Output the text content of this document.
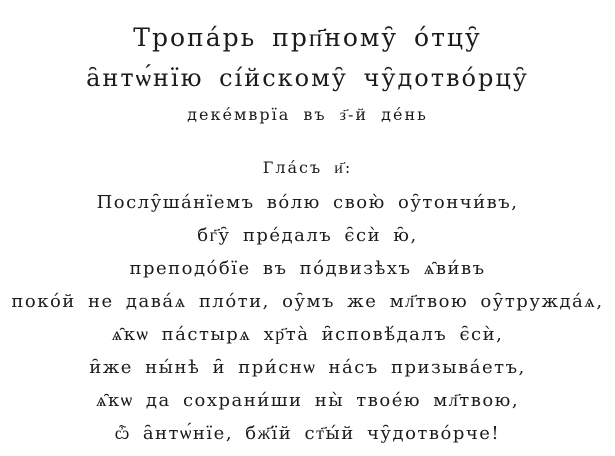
Тропа́рь прп҃ному̑ о́тцу̑
а̑нтѡ́нїю сі́йскому̑ чу̑дотво́рцу̑
деке́мврїа въ з҃-й де́нь
Гла́съ и҃:
Послу̑ша́нїемъ во́лю свою̀ оу̑тончи́въ,
бг҃у̑ пре́далъ є̑сѝ ю̑,
преподо́бїе въ по́двизѣхъ ѧ̑ви́въ
поко́й не дава́ѧ пло́ти, оу̑мъ же мл҃твою оу̑тружда́ѧ,
ѧ̑кѡ па́стырѧ хр҃та̀ и̑сповѣ́далъ є̑сѝ,
и̑же ны́нѣ и̑ при́снѡ на́съ призыва́етъ,
ѧ̑кѡ да сохрани́ши ны̀ твое́ю мл҃твою,
ѽ а̑нтѡ́нїе, бж҃їй ст҃ы́й чу̑дотво́рче!
